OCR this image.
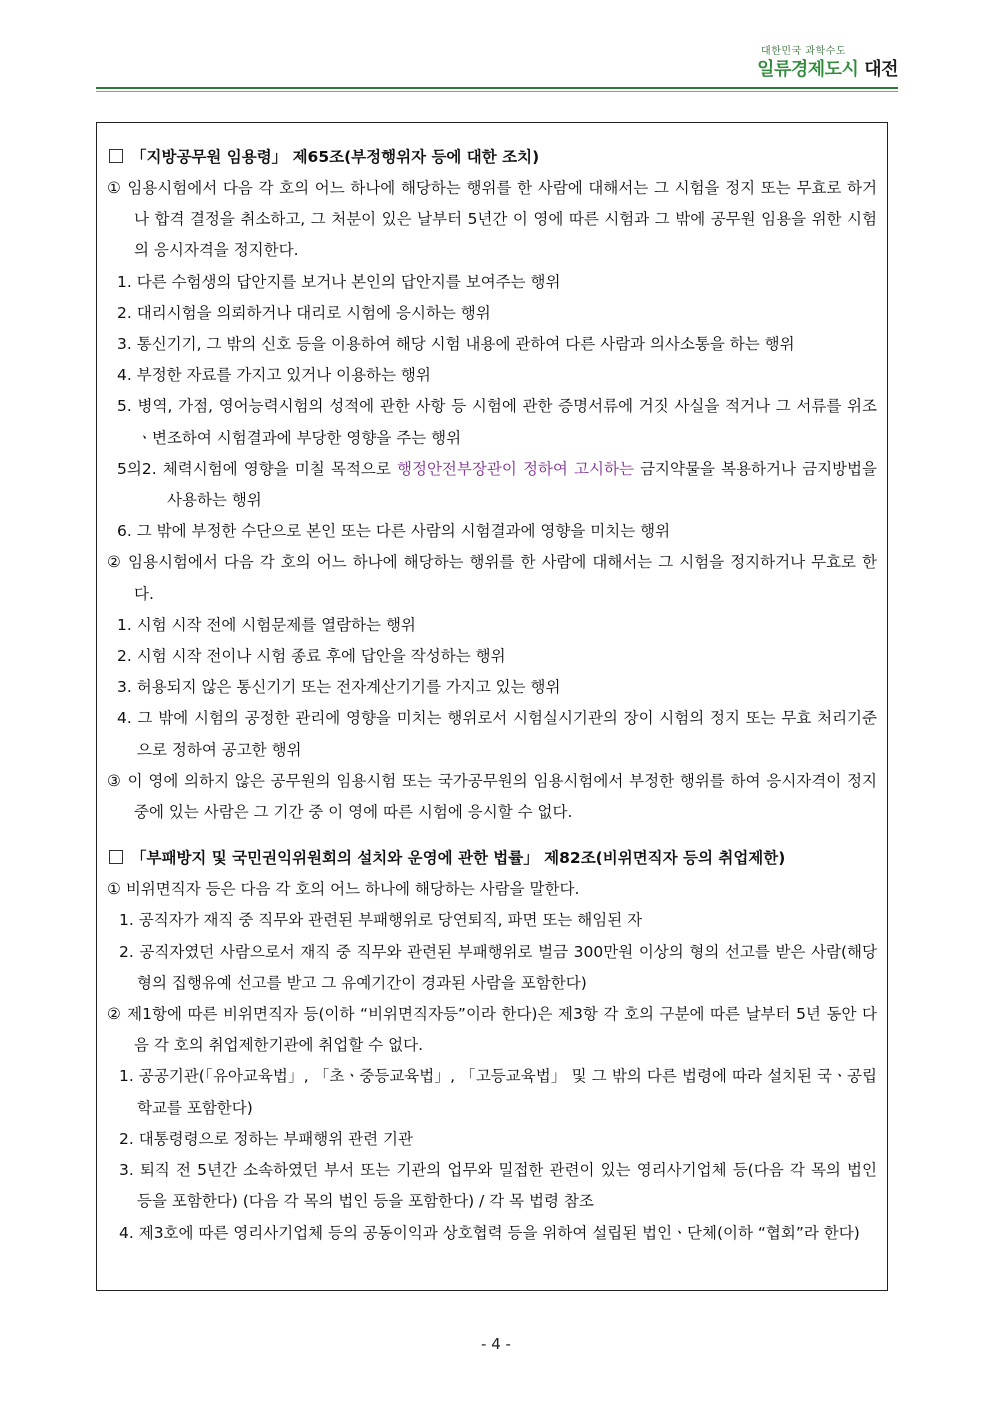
대한민국 과학수도
일류경제도시 대전
「지방공무원 임용령」 제65조(부정행위자 등에 대한 조치)
① 임용시험에서 다음 각 호의 어느 하나에 해당하는 행위를 한 사람에 대해서는 그 시험을 정지 또는 무효로 하거나 합격 결정을 취소하고, 그 처분이 있은 날부터 5년간 이 영에 따른 시험과 그 밖에 공무원 임용을 위한 시험의 응시자격을 정지한다.
1. 다른 수험생의 답안지를 보거나 본인의 답안지를 보여주는 행위
2. 대리시험을 의뢰하거나 대리로 시험에 응시하는 행위
3. 통신기기, 그 밖의 신호 등을 이용하여 해당 시험 내용에 관하여 다른 사람과 의사소통을 하는 행위
4. 부정한 자료를 가지고 있거나 이용하는 행위
5. 병역, 가점, 영어능력시험의 성적에 관한 사항 등 시험에 관한 증명서류에 거짓 사실을 적거나 그 서류를 위조ㆍ변조하여 시험결과에 부당한 영향을 주는 행위
5의2. 체력시험에 영향을 미칠 목적으로 행정안전부장관이 정하여 고시하는 금지약물을 복용하거나 금지방법을 사용하는 행위
6. 그 밖에 부정한 수단으로 본인 또는 다른 사람의 시험결과에 영향을 미치는 행위
② 임용시험에서 다음 각 호의 어느 하나에 해당하는 행위를 한 사람에 대해서는 그 시험을 정지하거나 무효로 한다.
1. 시험 시작 전에 시험문제를 열람하는 행위
2. 시험 시작 전이나 시험 종료 후에 답안을 작성하는 행위
3. 허용되지 않은 통신기기 또는 전자계산기기를 가지고 있는 행위
4. 그 밖에 시험의 공정한 관리에 영향을 미치는 행위로서 시험실시기관의 장이 시험의 정지 또는 무효 처리기준으로 정하여 공고한 행위
③ 이 영에 의하지 않은 공무원의 임용시험 또는 국가공무원의 임용시험에서 부정한 행위를 하여 응시자격이 정지 중에 있는 사람은 그 기간 중 이 영에 따른 시험에 응시할 수 없다.
「부패방지 및 국민권익위원회의 설치와 운영에 관한 법률」 제82조(비위면직자 등의 취업제한)
① 비위면직자 등은 다음 각 호의 어느 하나에 해당하는 사람을 말한다.
1. 공직자가 재직 중 직무와 관련된 부패행위로 당연퇴직, 파면 또는 해임된 자
2. 공직자였던 사람으로서 재직 중 직무와 관련된 부패행위로 벌금 300만원 이상의 형의 선고를 받은 사람(해당 형의 집행유예 선고를 받고 그 유예기간이 경과된 사람을 포함한다)
② 제1항에 따른 비위면직자 등(이하 “비위면직자등”이라 한다)은 제3항 각 호의 구분에 따른 날부터 5년 동안 다음 각 호의 취업제한기관에 취업할 수 없다.
1. 공공기관(「유아교육법」, 「초ㆍ중등교육법」, 「고등교육법」 및 그 밖의 다른 법령에 따라 설치된 국ㆍ공립학교를 포함한다)
2. 대통령령으로 정하는 부패행위 관련 기관
3. 퇴직 전 5년간 소속하였던 부서 또는 기관의 업무와 밀접한 관련이 있는 영리사기업체 등(다음 각 목의 법인 등을 포함한다) (다음 각 목의 법인 등을 포함한다) / 각 목 법령 참조
4. 제3호에 따른 영리사기업체 등의 공동이익과 상호협력 등을 위하여 설립된 법인ㆍ단체(이하 “협회”라 한다)
- 4 -
